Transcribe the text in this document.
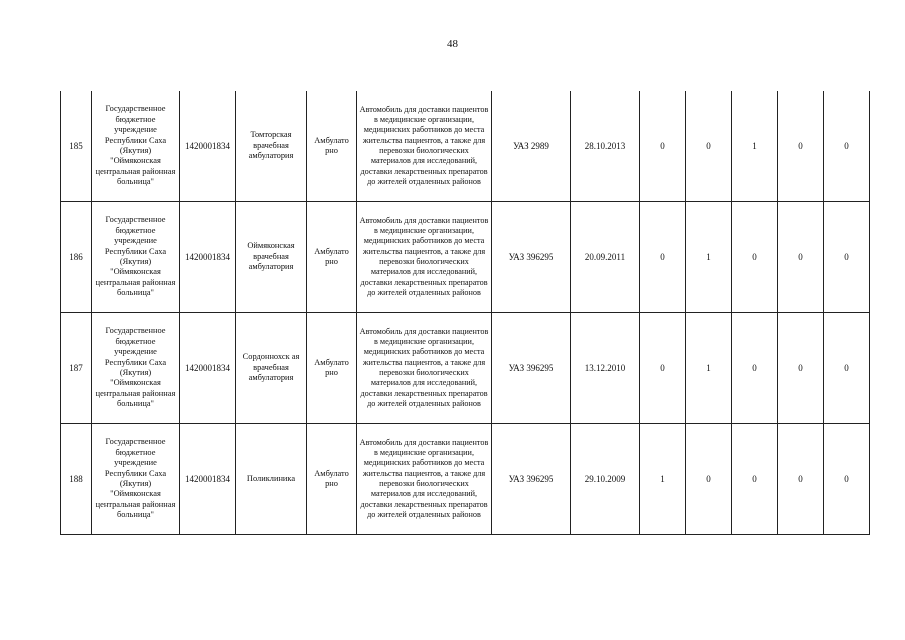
48
185	Государственное бюджетное учреждение Республики Саха (Якутия) "Оймяконская центральная районная больница"	1420001834	Томторская врачебная амбулатория	Амбулато рно	Автомобиль для доставки пациентов в медицинские организации, медицинских работников до места жительства пациентов, а также для перевозки биологических материалов для исследований, доставки лекарственных препаратов до жителей отдаленных районов	УАЗ 2989	28.10.2013	0	0	1	0	0
186	Государственное бюджетное учреждение Республики Саха (Якутия) "Оймяконская центральная районная больница"	1420001834	Оймяконская врачебная амбулатория	Амбулато рно	Автомобиль для доставки пациентов в медицинские организации, медицинских работников до места жительства пациентов, а также для перевозки биологических материалов для исследований, доставки лекарственных препаратов до жителей отдаленных районов	УАЗ 396295	20.09.2011	0	1	0	0	0
187	Государственное бюджетное учреждение Республики Саха (Якутия) "Оймяконская центральная районная больница"	1420001834	Сордоннохск ая врачебная амбулатория	Амбулато рно	Автомобиль для доставки пациентов в медицинские организации, медицинских работников до места жительства пациентов, а также для перевозки биологических материалов для исследований, доставки лекарственных препаратов до жителей отдаленных районов	УАЗ 396295	13.12.2010	0	1	0	0	0
188	Государственное бюджетное учреждение Республики Саха (Якутия) "Оймяконская центральная районная больница"	1420001834	Поликлиника	Амбулато рно	Автомобиль для доставки пациентов в медицинские организации, медицинских работников до места жительства пациентов, а также для перевозки биологических материалов для исследований, доставки лекарственных препаратов до жителей отдаленных районов	УАЗ 396295	29.10.2009	1	0	0	0	0
